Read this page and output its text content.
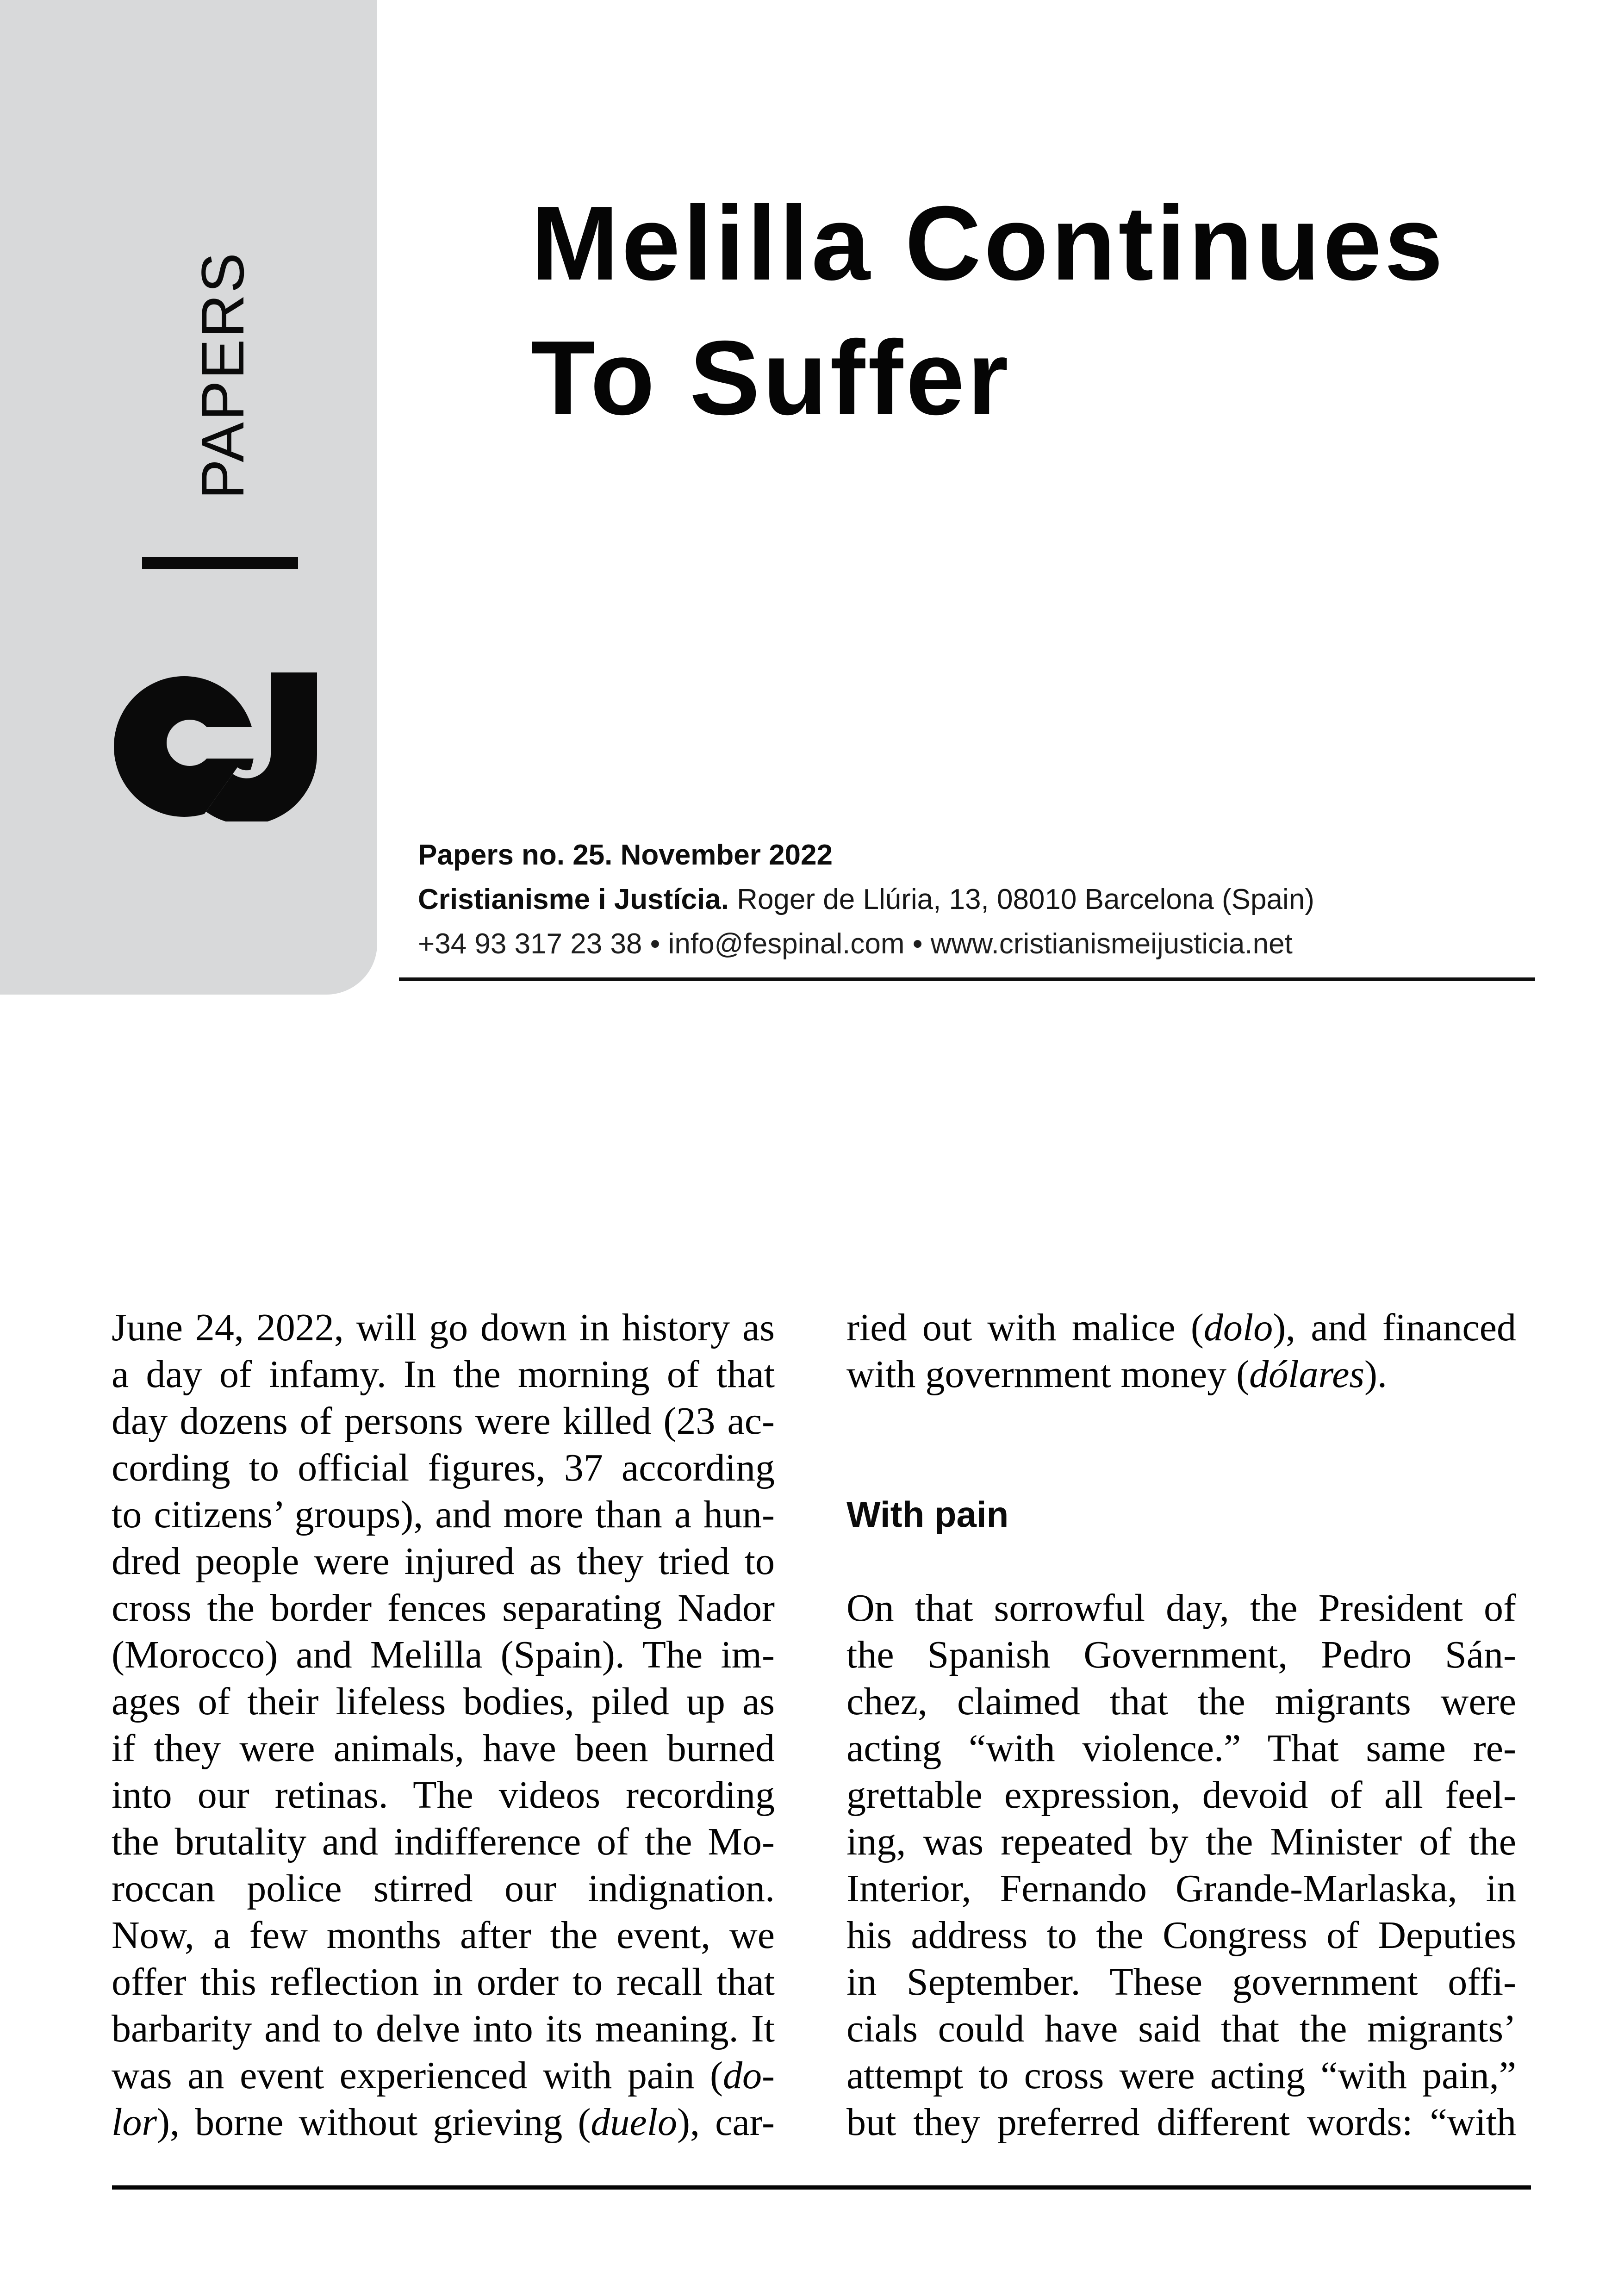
PAPERS
Melilla Continues
To Suffer
Papers no. 25. November 2022
Cristianisme i Justícia. Roger de Llúria, 13, 08010 Barcelona (Spain)
+34 93 317 23 38 • info@fespinal.com • www.cristianismeijusticia.net
June 24, 2022, will go down in history as
a day of infamy. In the morning of that
day dozens of persons were killed (23 ac-
cording to official figures, 37 according
to citizens’ groups), and more than a hun-
dred people were injured as they tried to
cross the border fences separating Nador
(Morocco) and Melilla (Spain). The im-
ages of their lifeless bodies, piled up as
if they were animals, have been burned
into our retinas. The videos recording
the brutality and indifference of the Mo-
roccan police stirred our indignation.
Now, a few months after the event, we
offer this reflection in order to recall that
barbarity and to delve into its meaning. It
was an event experienced with pain (do-
lor), borne without grieving (duelo), car-
ried out with malice (dolo), and financed
with government money (dólares).
With pain
On that sorrowful day, the President of
the Spanish Government, Pedro Sán-
chez, claimed that the migrants were
acting “with violence.” That same re-
grettable expression, devoid of all feel-
ing, was repeated by the Minister of the
Interior, Fernando Grande-Marlaska, in
his address to the Congress of Deputies
in September. These government offi-
cials could have said that the migrants’
attempt to cross were acting “with pain,”
but they preferred different words: “with
